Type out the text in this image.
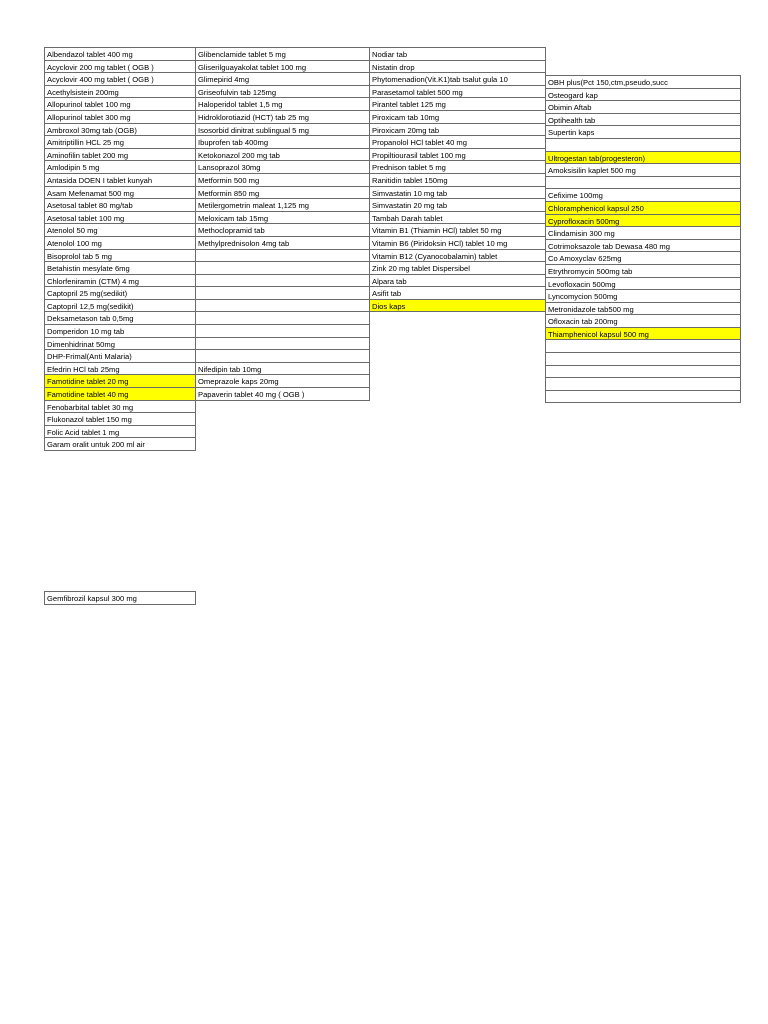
Albendazol tablet 400 mg
Acyclovir 200 mg tablet ( OGB )
Acyclovir 400 mg tablet ( OGB )
Acethylsistein 200mg
Allopurinol tablet 100 mg
Allopurinol tablet 300 mg
Ambroxol 30mg tab (OGB)
Amitriptillin HCL 25 mg
Aminofilin tablet 200 mg
Amlodipin 5 mg
Antasida DOEN I tablet kunyah
Asam Mefenamat 500 mg
Asetosal tablet 80 mg/tab
Asetosal tablet 100 mg
Atenolol 50 mg
Atenolol 100 mg
Bisoprolol tab 5 mg
Betahistin mesylate 6mg
Chlorfeniramin (CTM) 4 mg
Captopril 25 mg(sedikit)
Captopril 12,5 mg(sedikit)
Deksametason tab 0,5mg
Domperidon 10 mg tab
Dimenhidrinat 50mg
DHP-Frimal(Anti Malaria)
Efedrin HCl tab 25mg
Famotidine tablet 20 mg
Famotidine tablet 40 mg
Fenobarbital tablet 30 mg
Flukonazol tablet 150 mg
Folic Acid tablet 1 mg
Garam oralit untuk 200 ml air
Glibenclamide tablet 5 mg
Gliserilguayakolat tablet 100 mg
Glimepirid 4mg
Griseofulvin tab 125mg
Haloperidol tablet 1,5 mg
Hidroklorotiazid (HCT) tab 25 mg
Isosorbid dinitrat sublingual 5 mg
Ibuprofen tab 400mg
Ketokonazol 200 mg tab
Lansoprazol 30mg
Metformin 500 mg
Metformin 850 mg
Metilergometrin maleat 1,125 mg
Meloxicam tab 15mg
Methoclopramid tab
Methylprednisolon 4mg tab
Nifedipin tab 10mg
Omeprazole kaps 20mg
Papaverin tablet 40 mg ( OGB )
Nodiar tab
Nistatin drop
Phytomenadion(Vit.K1)tab tsalut gula 10
Parasetamol tablet 500 mg
Pirantel tablet 125 mg
Piroxicam tab 10mg
Piroxicam 20mg tab
Propanolol HCl tablet 40 mg
Propiltiourasil tablet 100 mg
Prednison tablet 5 mg
Ranitidin tablet 150mg
Simvastatin 10 mg tab
Simvastatin 20 mg tab
Tambah Darah tablet
Vitamin B1 (Thiamin HCl) tablet 50 mg
Vitamin B6 (Piridoksin HCl) tablet 10 mg
Vitamin B12 (Cyanocobalamin) tablet
Zink 20 mg tablet Dispersibel
Alpara tab
Asifit tab
Dios kaps
OBH plus(Pct 150,ctm,pseudo,succ
Osteogard kap
Obimin Aftab
Optihealth tab
Supertin kaps
Ultrogestan tab(progesteron)
Amoksisilin kaplet 500 mg
Cefixime 100mg
Chloramphenicol kapsul 250
Cyprofloxacin 500mg
Clindamisin 300 mg
Cotrimoksazole tab Dewasa 480 mg
Co Amoxyclav 625mg
Etrythromycin 500mg tab
Levofloxacin 500mg
Lyncomycion 500mg
Metronidazole tab500 mg
Ofloxacin tab 200mg
Thiamphenicol kapsul 500 mg
Gemfibrozil kapsul 300 mg
